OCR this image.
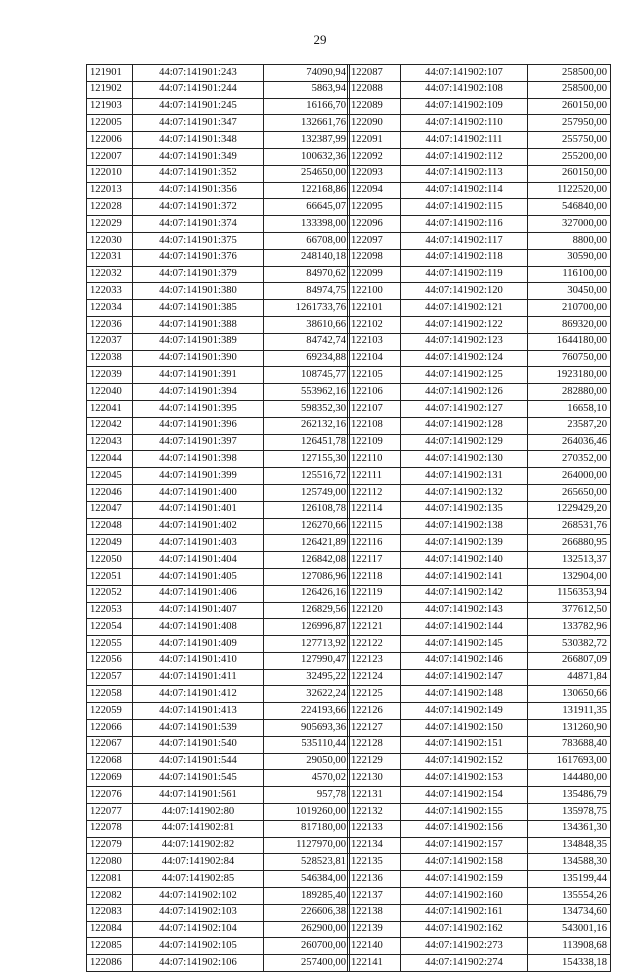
29
121901	44:07:141901:243	74090,94
121902	44:07:141901:244	5863,94
121903	44:07:141901:245	16166,70
122005	44:07:141901:347	132661,76
122006	44:07:141901:348	132387,99
122007	44:07:141901:349	100632,36
122010	44:07:141901:352	254650,00
122013	44:07:141901:356	122168,86
122028	44:07:141901:372	66645,07
122029	44:07:141901:374	133398,00
122030	44:07:141901:375	66708,00
122031	44:07:141901:376	248140,18
122032	44:07:141901:379	84970,62
122033	44:07:141901:380	84974,75
122034	44:07:141901:385	1261733,76
122036	44:07:141901:388	38610,66
122037	44:07:141901:389	84742,74
122038	44:07:141901:390	69234,88
122039	44:07:141901:391	108745,77
122040	44:07:141901:394	553962,16
122041	44:07:141901:395	598352,30
122042	44:07:141901:396	262132,16
122043	44:07:141901:397	126451,78
122044	44:07:141901:398	127155,30
122045	44:07:141901:399	125516,72
122046	44:07:141901:400	125749,00
122047	44:07:141901:401	126108,78
122048	44:07:141901:402	126270,66
122049	44:07:141901:403	126421,89
122050	44:07:141901:404	126842,08
122051	44:07:141901:405	127086,96
122052	44:07:141901:406	126426,16
122053	44:07:141901:407	126829,56
122054	44:07:141901:408	126996,87
122055	44:07:141901:409	127713,92
122056	44:07:141901:410	127990,47
122057	44:07:141901:411	32495,22
122058	44:07:141901:412	32622,24
122059	44:07:141901:413	224193,66
122066	44:07:141901:539	905693,36
122067	44:07:141901:540	535110,44
122068	44:07:141901:544	29050,00
122069	44:07:141901:545	4570,02
122076	44:07:141901:561	957,78
122077	44:07:141902:80	1019260,00
122078	44:07:141902:81	817180,00
122079	44:07:141902:82	1127970,00
122080	44:07:141902:84	528523,81
122081	44:07:141902:85	546384,00
122082	44:07:141902:102	189285,40
122083	44:07:141902:103	226606,38
122084	44:07:141902:104	262900,00
122085	44:07:141902:105	260700,00
122086	44:07:141902:106	257400,00
122087	44:07:141902:107	258500,00
122088	44:07:141902:108	258500,00
122089	44:07:141902:109	260150,00
122090	44:07:141902:110	257950,00
122091	44:07:141902:111	255750,00
122092	44:07:141902:112	255200,00
122093	44:07:141902:113	260150,00
122094	44:07:141902:114	1122520,00
122095	44:07:141902:115	546840,00
122096	44:07:141902:116	327000,00
122097	44:07:141902:117	8800,00
122098	44:07:141902:118	30590,00
122099	44:07:141902:119	116100,00
122100	44:07:141902:120	30450,00
122101	44:07:141902:121	210700,00
122102	44:07:141902:122	869320,00
122103	44:07:141902:123	1644180,00
122104	44:07:141902:124	760750,00
122105	44:07:141902:125	1923180,00
122106	44:07:141902:126	282880,00
122107	44:07:141902:127	16658,10
122108	44:07:141902:128	23587,20
122109	44:07:141902:129	264036,46
122110	44:07:141902:130	270352,00
122111	44:07:141902:131	264000,00
122112	44:07:141902:132	265650,00
122114	44:07:141902:135	1229429,20
122115	44:07:141902:138	268531,76
122116	44:07:141902:139	266880,95
122117	44:07:141902:140	132513,37
122118	44:07:141902:141	132904,00
122119	44:07:141902:142	1156353,94
122120	44:07:141902:143	377612,50
122121	44:07:141902:144	133782,96
122122	44:07:141902:145	530382,72
122123	44:07:141902:146	266807,09
122124	44:07:141902:147	44871,84
122125	44:07:141902:148	130650,66
122126	44:07:141902:149	131911,35
122127	44:07:141902:150	131260,90
122128	44:07:141902:151	783688,40
122129	44:07:141902:152	1617693,00
122130	44:07:141902:153	144480,00
122131	44:07:141902:154	135486,79
122132	44:07:141902:155	135978,75
122133	44:07:141902:156	134361,30
122134	44:07:141902:157	134848,35
122135	44:07:141902:158	134588,30
122136	44:07:141902:159	135199,44
122137	44:07:141902:160	135554,26
122138	44:07:141902:161	134734,60
122139	44:07:141902:162	543001,16
122140	44:07:141902:273	113908,68
122141	44:07:141902:274	154338,18
